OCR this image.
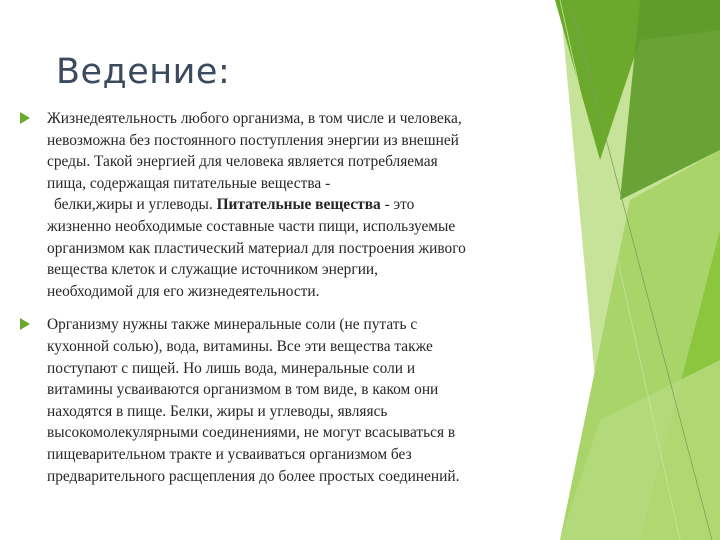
Ведение:

Жизнедеятельность любого организма, в том числе и человека,
невозможна без постоянного поступления энергии из внешней
среды. Такой энергией для человека является потребляемая
пища, содержащая питательные вещества -
белки,жиры и углеводы. Питательные вещества - это
жизненно необходимые составные части пищи, используемые
организмом как пластический материал для построения живого
вещества клеток и служащие источником энергии,
необходимой для его жизнедеятельности.

Организму нужны также минеральные соли (не путать с
кухонной солью), вода, витамины. Все эти вещества также
поступают с пищей. Но лишь вода, минеральные соли и
витамины усваиваются организмом в том виде, в каком они
находятся в пище. Белки, жиры и углеводы, являясь
высокомолекулярными соединениями, не могут всасываться в
пищеварительном тракте и усваиваться организмом без
предварительного расщепления до более простых соединений.
